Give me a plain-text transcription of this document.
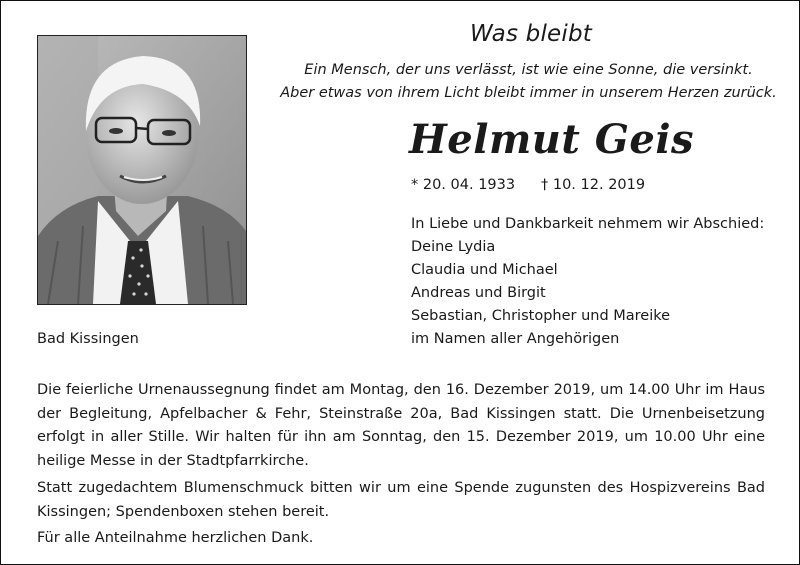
Was bleibt
Ein Mensch, der uns verlässt, ist wie eine Sonne, die versinkt.
Aber etwas von ihrem Licht bleibt immer in unserem Herzen zurück.
Helmut Geis
* 20. 04. 1933 † 10. 12. 2019
In Liebe und Dankbarkeit nehmem wir Abschied:
Deine Lydia
Claudia und Michael
Andreas und Birgit
Sebastian, Christopher und Mareike
im Namen aller Angehörigen
Bad Kissingen
Die feierliche Urnenaussegnung findet am Montag, den 16. Dezember 2019, um 14.00 Uhr im Haus der Begleitung, Apfelbacher & Fehr, Steinstraße 20a, Bad Kissingen statt. Die Urnenbeisetzung erfolgt in aller Stille. Wir halten für ihn am Sonntag, den 15. Dezember 2019, um 10.00 Uhr eine heilige Messe in der Stadtpfarrkirche.
Statt zugedachtem Blumenschmuck bitten wir um eine Spende zugunsten des Hospizvereins Bad Kissingen; Spendenboxen stehen bereit.
Für alle Anteilnahme herzlichen Dank.
